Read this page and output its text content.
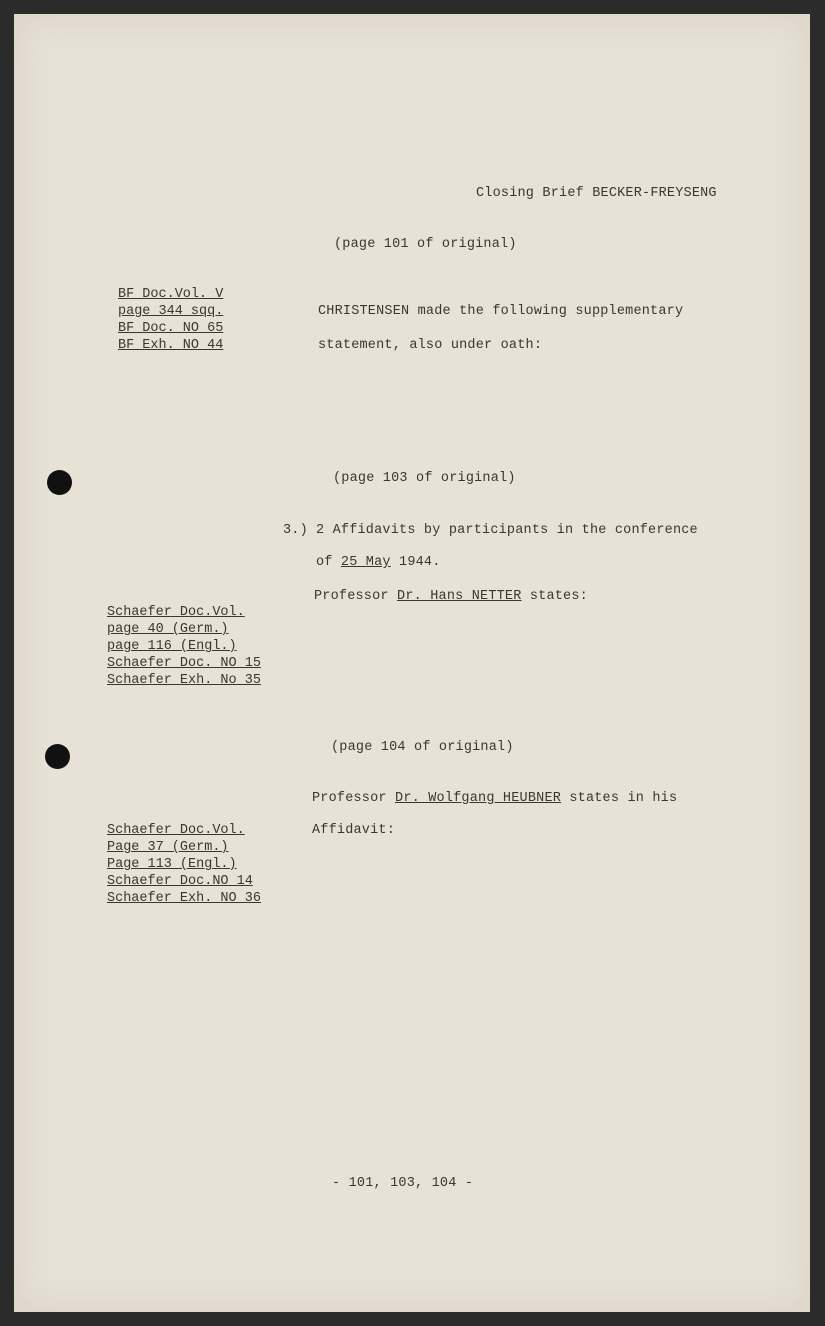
Closing Brief BECKER-FREYSENG
(page 101 of original)
BF Doc.Vol. V
page 344 sqq.
BF Doc. NO 65
BF Exh. NO 44
CHRISTENSEN made the following supplementary
statement, also under oath:
(page 103 of original)
3.) 2 Affidavits by participants in the conference
of 25 May 1944.
Professor Dr. Hans NETTER states:
Schaefer Doc.Vol.
page 40 (Germ.)
page 116 (Engl.)
Schaefer Doc. NO 15
Schaefer Exh. No 35
(page 104 of original)
Professor Dr. Wolfgang HEUBNER states in his
Affidavit:
Schaefer Doc.Vol.
Page 37 (Germ.)
Page 113 (Engl.)
Schaefer Doc.NO 14
Schaefer Exh. NO 36
- 101, 103, 104 -
